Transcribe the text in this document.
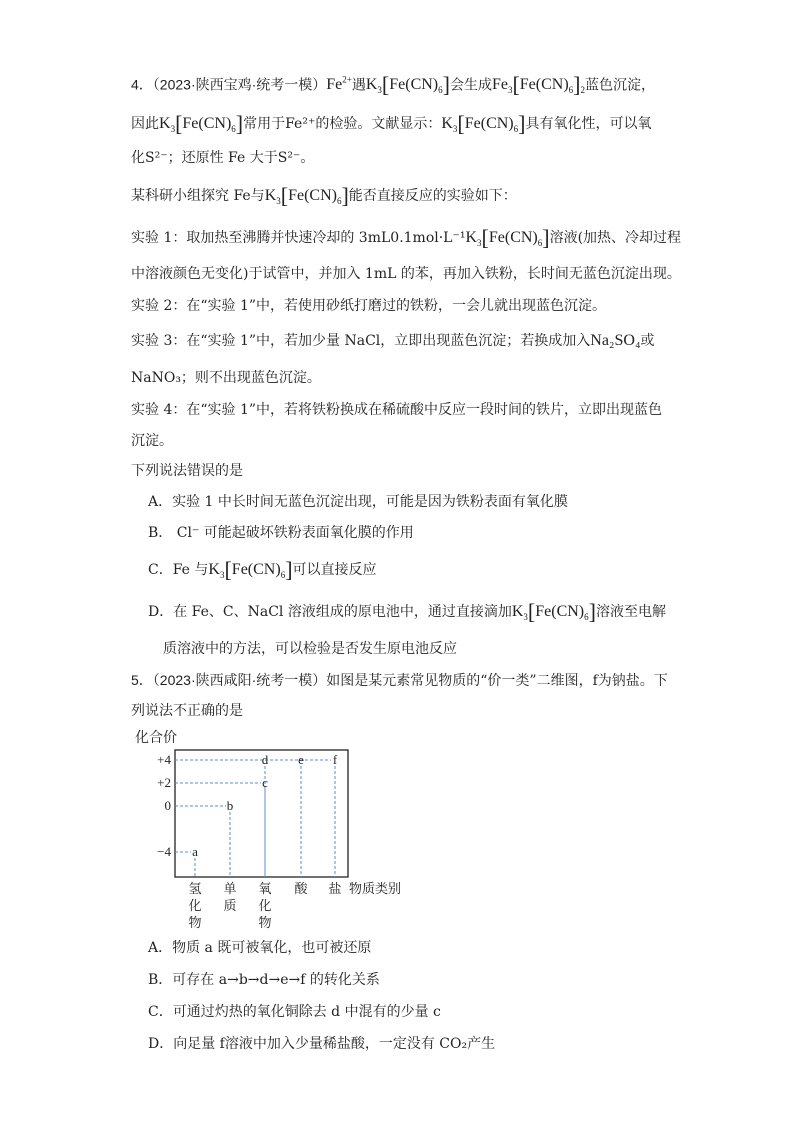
4．（2023·陕西宝鸡·统考一模）$Fe^{2+}$遇$K_3[Fe(CN)_6]$会生成$Fe_3[Fe(CN)_6]_2$蓝色沉淀，
因此$K_3[Fe(CN)_6]$常用于Fe²⁺的检验。文献显示：$K_3[Fe(CN)_6]$具有氧化性，可以氧
化S²⁻；还原性 Fe 大于S²⁻。
某科研小组探究 Fe与$K_3[Fe(CN)_6]$能否直接反应的实验如下：
实验 1：取加热至沸腾并快速冷却的 $3mL0.1mol\cdot L^{-1}K_3[Fe(CN)_6]$溶液(加热、冷却过程
中溶液颜色无变化)于试管中，并加入 1mL 的苯，再加入铁粉，长时间无蓝色沉淀出现。
实验 2：在“实验 1”中，若使用砂纸打磨过的铁粉，一会儿就出现蓝色沉淀。
实验 3：在“实验 1”中，若加少量 NaCl，立即出现蓝色沉淀；若换成加入Na₂SO₄或
NaNO₃；则不出现蓝色沉淀。
实验 4：在“实验 1”中，若将铁粉换成在稀硫酸中反应一段时间的铁片，立即出现蓝色
沉淀。
下列说法错误的是
A．实验 1 中长时间无蓝色沉淀出现，可能是因为铁粉表面有氧化膜
B． Cl⁻ 可能起破坏铁粉表面氧化膜的作用
C．Fe 与$K_3[Fe(CN)_6]$可以直接反应
D．在 Fe、C、NaCl 溶液组成的原电池中，通过直接滴加$K_3[Fe(CN)_6]$溶液至电解
质溶液中的方法，可以检验是否发生原电池反应
5．（2023·陕西咸阳·统考一模）如图是某元素常见物质的“价一类”二维图，f为钠盐。下
列说法不正确的是
化合价
+4
+2
0
−4
氢
化
物
单
质
氧
化
物
酸 盐
a
b
c
d e f
物质类别
A．物质 a 既可被氧化，也可被还原
B．可存在 a→b→d→e→f 的转化关系
C．可通过灼热的氧化铜除去 d 中混有的少量 c
D．向足量 f溶液中加入少量稀盐酸，一定没有 CO₂产生
